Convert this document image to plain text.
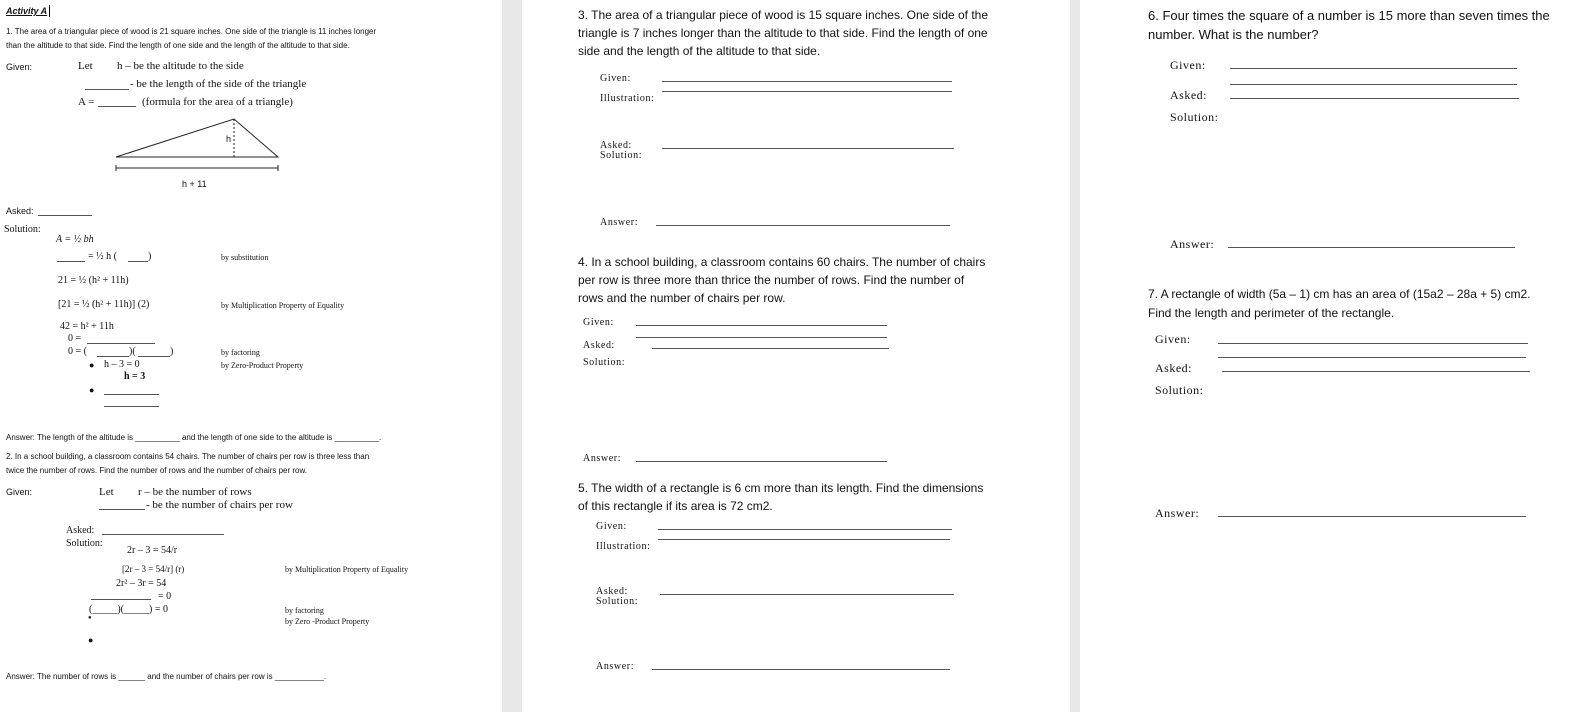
Activity A
1. The area of a triangular piece of wood is 21 square inches. One side of the triangle is 11 inches longer
than the altitude to that side. Find the length of one side and the length of the altitude to that side.
Given:	Let h – be the altitude to the side
- be the length of the side of the triangle
A =	(formula for the area of a triangle)
h
h + 11
Asked:
Solution:
A = ½ bh
= ½ h (	)	by substitution
21 = ½ (h² + 11h)
[21 = ½ (h² + 11h)] (2)	by Multiplication Property of Equality
42 = h² + 11h
0 =
0 = (	)(	)	by factoring
● h – 3 = 0	by Zero-Product Property
h = 3
●
Answer: The length of the altitude is __________ and the length of one side to the altitude is __________.
2. In a school building, a classroom contains 54 chairs. The number of chairs per row is three less than
twice the number of rows. Find the number of rows and the number of chairs per row.
Given:	Let r – be the number of rows
- be the number of chairs per row
Asked:
Solution:
2r – 3 = 54/r
[2r – 3 = 54/r] (r)	by Multiplication Property of Equality
2r² – 3r = 54
= 0
(_____)(_____) = 0	by factoring
by Zero -Product Property
●
●
Answer: The number of rows is ______ and the number of chairs per row is ___________.
3. The area of a triangular piece of wood is 15 square inches. One side of the
triangle is 7 inches longer than the altitude to that side. Find the length of one
side and the length of the altitude to that side.
Given:
Illustration:
Asked:
Solution:
Answer:
4. In a school building, a classroom contains 60 chairs. The number of chairs
per row is three more than thrice the number of rows. Find the number of
rows and the number of chairs per row.
Given:
Asked:
Solution:
Answer:
5. The width of a rectangle is 6 cm more than its length. Find the dimensions
of this rectangle if its area is 72 cm2.
Given:
Illustration:
Asked:
Solution:
Answer:
6. Four times the square of a number is 15 more than seven times the
number. What is the number?
Given:
Asked:
Solution:
Answer:
7. A rectangle of width (5a – 1) cm has an area of (15a2 – 28a + 5) cm2.
Find the length and perimeter of the rectangle.
Given:
Asked:
Solution:
Answer:
